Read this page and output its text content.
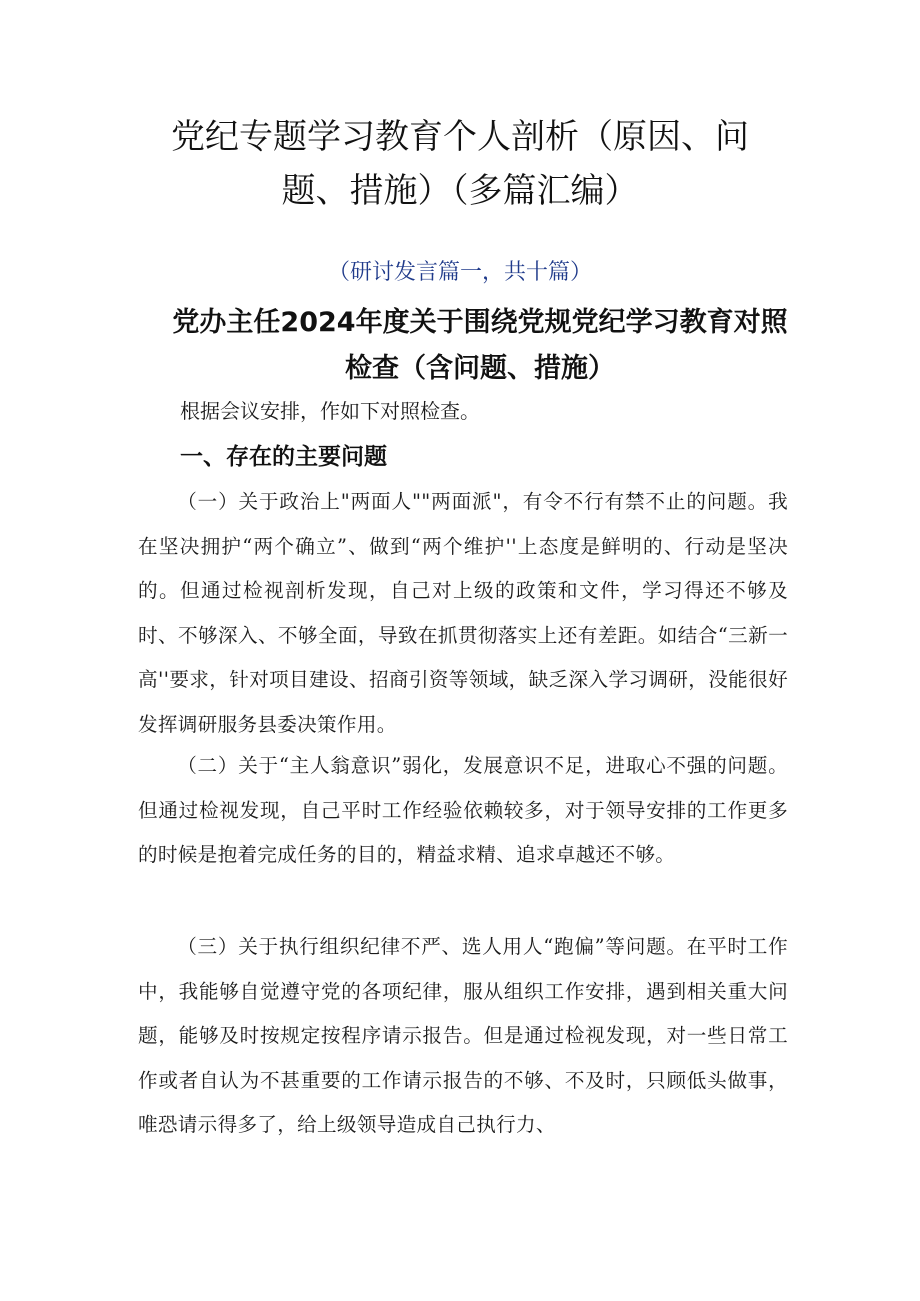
党纪专题学习教育个人剖析（原因、问题、措施）（多篇汇编）

（研讨发言篇一，共十篇）

党办主任2024年度关于围绕党规党纪学习教育对照检查（含问题、措施）

根据会议安排，作如下对照检查。

一、存在的主要问题

（一）关于政治上"两面人""两面派"，有令不行有禁不止的问题。我在坚决拥护“两个确立”、做到“两个维护''上态度是鲜明的、行动是坚决的。但通过检视剖析发现，自己对上级的政策和文件，学习得还不够及时、不够深入、不够全面，导致在抓贯彻落实上还有差距。如结合“三新一高''要求，针对项目建设、招商引资等领域，缺乏深入学习调研，没能很好发挥调研服务县委决策作用。

（二）关于“主人翁意识”弱化，发展意识不足，进取心不强的问题。但通过检视发现，自己平时工作经验依赖较多，对于领导安排的工作更多的时候是抱着完成任务的目的，精益求精、追求卓越还不够。

（三）关于执行组织纪律不严、选人用人“跑偏”等问题。在平时工作中，我能够自觉遵守党的各项纪律，服从组织工作安排，遇到相关重大问题，能够及时按规定按程序请示报告。但是通过检视发现，对一些日常工作或者自认为不甚重要的工作请示报告的不够、不及时，只顾低头做事，唯恐请示得多了，给上级领导造成自己执行力、
